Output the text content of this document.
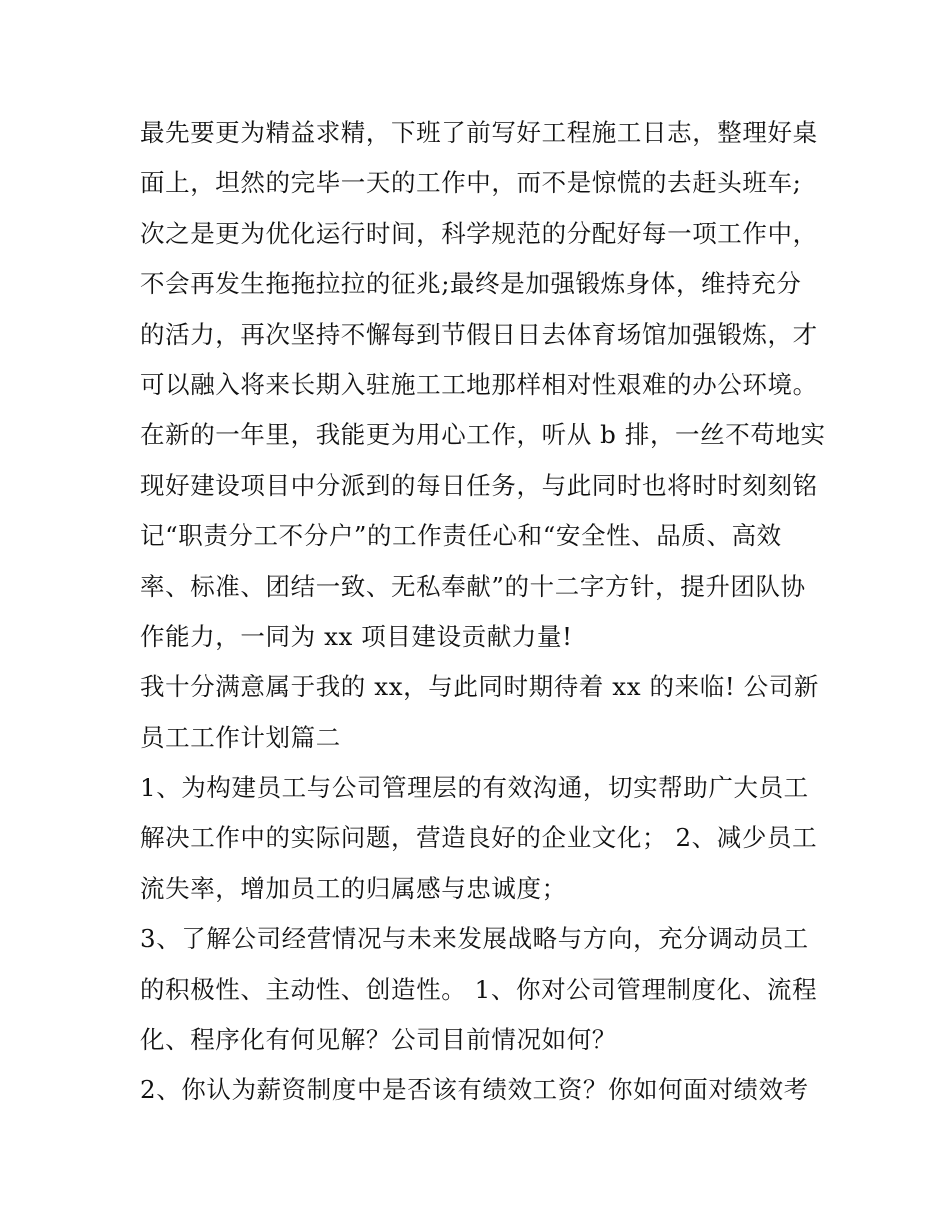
最先要更为精益求精，下班了前写好工程施工日志，整理好桌
面上，坦然的完毕一天的工作中，而不是惊慌的去赶头班车;
次之是更为优化运行时间，科学规范的分配好每一项工作中，
不会再发生拖拖拉拉的征兆;最终是加强锻炼身体，维持充分
的活力，再次坚持不懈每到节假日日去体育场馆加强锻炼，才
可以融入将来长期入驻施工工地那样相对性艰难的办公环境。
在新的一年里，我能更为用心工作，听从 b 排，一丝不苟地实
现好建设项目中分派到的每日任务，与此同时也将时时刻刻铭
记“职责分工不分户”的工作责任心和“安全性、品质、高效
率、标准、团结一致、无私奉献”的十二字方针，提升团队协
作能力，一同为 xx 项目建设贡献力量!
我十分满意属于我的 xx，与此同时期待着 xx 的来临! 公司新
员工工作计划篇二
1、为构建员工与公司管理层的有效沟通，切实帮助广大员工
解决工作中的实际问题，营造良好的企业文化； 2、减少员工
流失率，增加员工的归属感与忠诚度；
3、了解公司经营情况与未来发展战略与方向，充分调动员工
的积极性、主动性、创造性。 1、你对公司管理制度化、流程
化、程序化有何见解？公司目前情况如何？
2、你认为薪资制度中是否该有绩效工资？你如何面对绩效考
